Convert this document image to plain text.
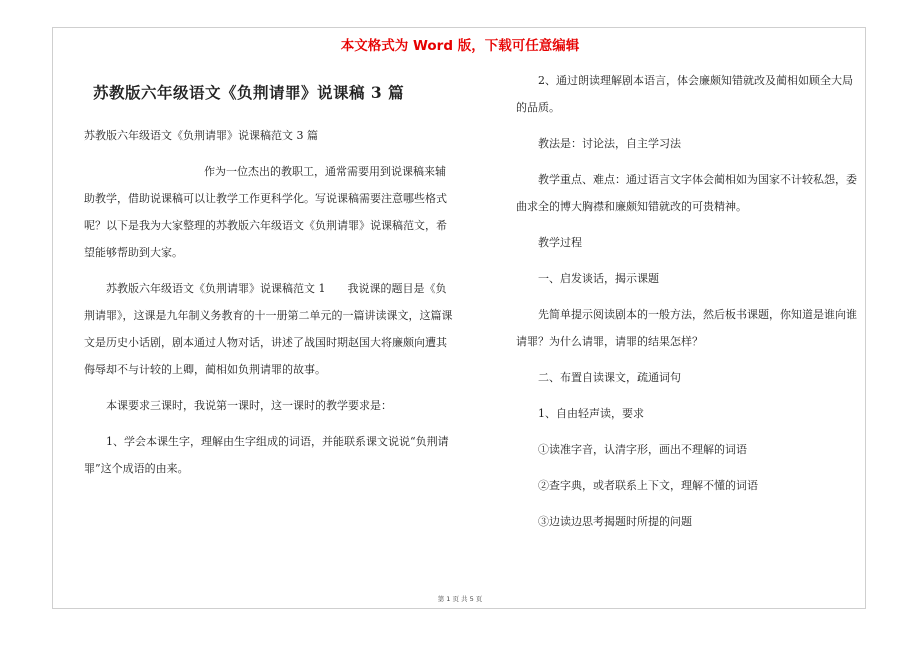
本文格式为 Word 版，下载可任意编辑

苏教版六年级语文《负荆请罪》说课稿 3 篇

苏教版六年级语文《负荆请罪》说课稿范文 3 篇

作为一位杰出的教职工，通常需要用到说课稿来辅助教学，借助说课稿可以让教学工作更科学化。写说课稿需要注意哪些格式呢？以下是我为大家整理的苏教版六年级语文《负荆请罪》说课稿范文，希望能够帮助到大家。

苏教版六年级语文《负荆请罪》说课稿范文 1　　我说课的题目是《负荆请罪》，这课是九年制义务教育的十一册第二单元的一篇讲读课文，这篇课文是历史小话剧，剧本通过人物对话，讲述了战国时期赵国大将廉颇向遭其侮辱却不与计较的上卿，蔺相如负荆请罪的故事。

本课要求三课时，我说第一课时，这一课时的教学要求是：

1、学会本课生字，理解由生字组成的词语，并能联系课文说说“负荆请罪”这个成语的由来。

2、通过朗读理解剧本语言，体会廉颇知错就改及蔺相如顾全大局的品质。

教法是：讨论法，自主学习法

教学重点、难点：通过语言文字体会蔺相如为国家不计较私怨，委曲求全的博大胸襟和廉颇知错就改的可贵精神。

教学过程

一、启发谈话，揭示课题

先简单提示阅读剧本的一般方法，然后板书课题，你知道是谁向谁请罪？为什么请罪，请罪的结果怎样？

二、布置自读课文，疏通词句

1、自由轻声读，要求

①读准字音，认清字形，画出不理解的词语

②查字典，或者联系上下文，理解不懂的词语

③边读边思考揭题时所提的问题

第 1 页 共 5 页
